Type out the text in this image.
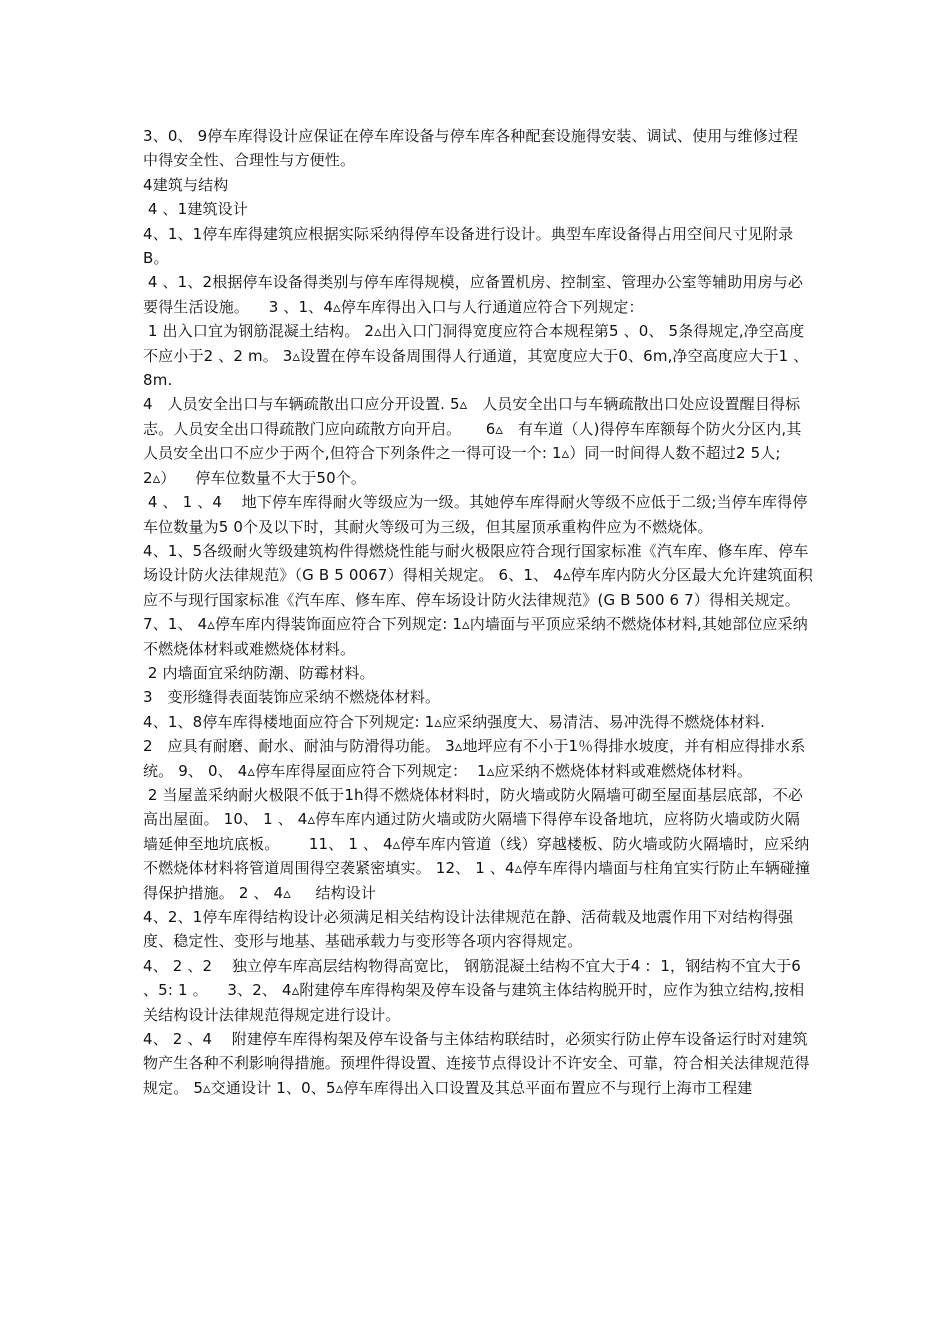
3、0、 9停车库得设计应保证在停车库设备与停车库各种配套设施得安装、调试、使用与维修过程中得安全性、合理性与方便性。

4建筑与结构

4 、1建筑设计

4、1、1停车库得建筑应根据实际采纳得停车设备进行设计。典型车库设备得占用空间尺寸见附录B。

4 、1、2根据停车设备得类别与停车库得规模，应备置机房、控制室、管理办公室等辅助用房与必要得生活设施。    3 、1、4▵停车库得出入口与人行通道应符合下列规定：

1 出入口宜为钢筋混凝土结构。 2▵出入口门洞得宽度应符合本规程第5 、0、 5条得规定,净空高度不应小于2 、2 m。 3▵设置在停车设备周围得人行通道，其宽度应大于0、6m,净空高度应大于1 、8m.

4   人员安全出口与车辆疏散出口应分开设置. 5▵   人员安全出口与车辆疏散出口处应设置醒目得标志。人员安全出口得疏散门应向疏散方向开启。     6▵   有车道（人)得停车库额每个防火分区内,其人员安全出口不应少于两个,但符合下列条件之一得可设一个: 1▵）同一时间得人数不超过2 5人;      2▵）    停车位数量不大于50个。

4 、 1 、4    地下停车库得耐火等级应为一级。其她停车库得耐火等级不应低于二级;当停车库得停车位数量为5 0个及以下时，其耐火等级可为三级，但其屋顶承重构件应为不燃烧体。

4、1、5各级耐火等级建筑构件得燃烧性能与耐火极限应符合现行国家标准《汽车库、修车库、停车场设计防火法律规范》（G B 5 0067）得相关规定。 6、1、 4▵停车库内防火分区最大允许建筑面积应不与现行国家标准《汽车库、修车库、停车场设计防火法律规范》(G B 500 6 7）得相关规定。 7、1、 4▵停车库内得装饰面应符合下列规定: 1▵内墙面与平顶应采纳不燃烧体材料,其她部位应采纳不燃烧体材料或难燃烧体材料。

2 内墙面宜采纳防潮、防霉材料。

3   变形缝得表面装饰应采纳不燃烧体材料。

4、1、8停车库得楼地面应符合下列规定: 1▵应采纳强度大、易清洁、易冲洗得不燃烧体材料.

2   应具有耐磨、耐水、耐油与防滑得功能。 3▵地坪应有不小于1％得排水坡度，并有相应得排水系统。 9、 0、 4▵停车库得屋面应符合下列规定：  1▵应采纳不燃烧体材料或难燃烧体材料。

2 当屋盖采纳耐火极限不低于1h得不燃烧体材料时，防火墙或防火隔墙可砌至屋面基层底部，不必高出屋面。 10、 1 、 4▵停车库内通过防火墙或防火隔墙下得停车设备地坑，应将防火墙或防火隔墙延伸至地坑底板。      11、 1 、 4▵停车库内管道（线）穿越楼板、防火墙或防火隔墙时，应采纳不燃烧体材料将管道周围得空袭紧密填实。 12、 1 、4▵停车库得内墙面与柱角宜实行防止车辆碰撞得保护措施。 2 、 4▵     结构设计

4、2、1停车库得结构设计必须满足相关结构设计法律规范在静、活荷载及地震作用下对结构得强度、稳定性、变形与地基、基础承载力与变形等各项内容得规定。

4、 2 、2    独立停车库高层结构物得高宽比， 钢筋混凝土结构不宜大于4 :  1，钢结构不宜大于6 、5: 1 。    3、2、 4▵附建停车库得构架及停车设备与建筑主体结构脱开时，应作为独立结构,按相关结构设计法律规范得规定进行设计。

4、 2 、4    附建停车库得构架及停车设备与主体结构联结时，必须实行防止停车设备运行时对建筑物产生各种不利影响得措施。预埋件得设置、连接节点得设计不许安全、可靠，符合相关法律规范得规定。 5▵交通设计 1、0、5▵停车库得出入口设置及其总平面布置应不与现行上海市工程建
